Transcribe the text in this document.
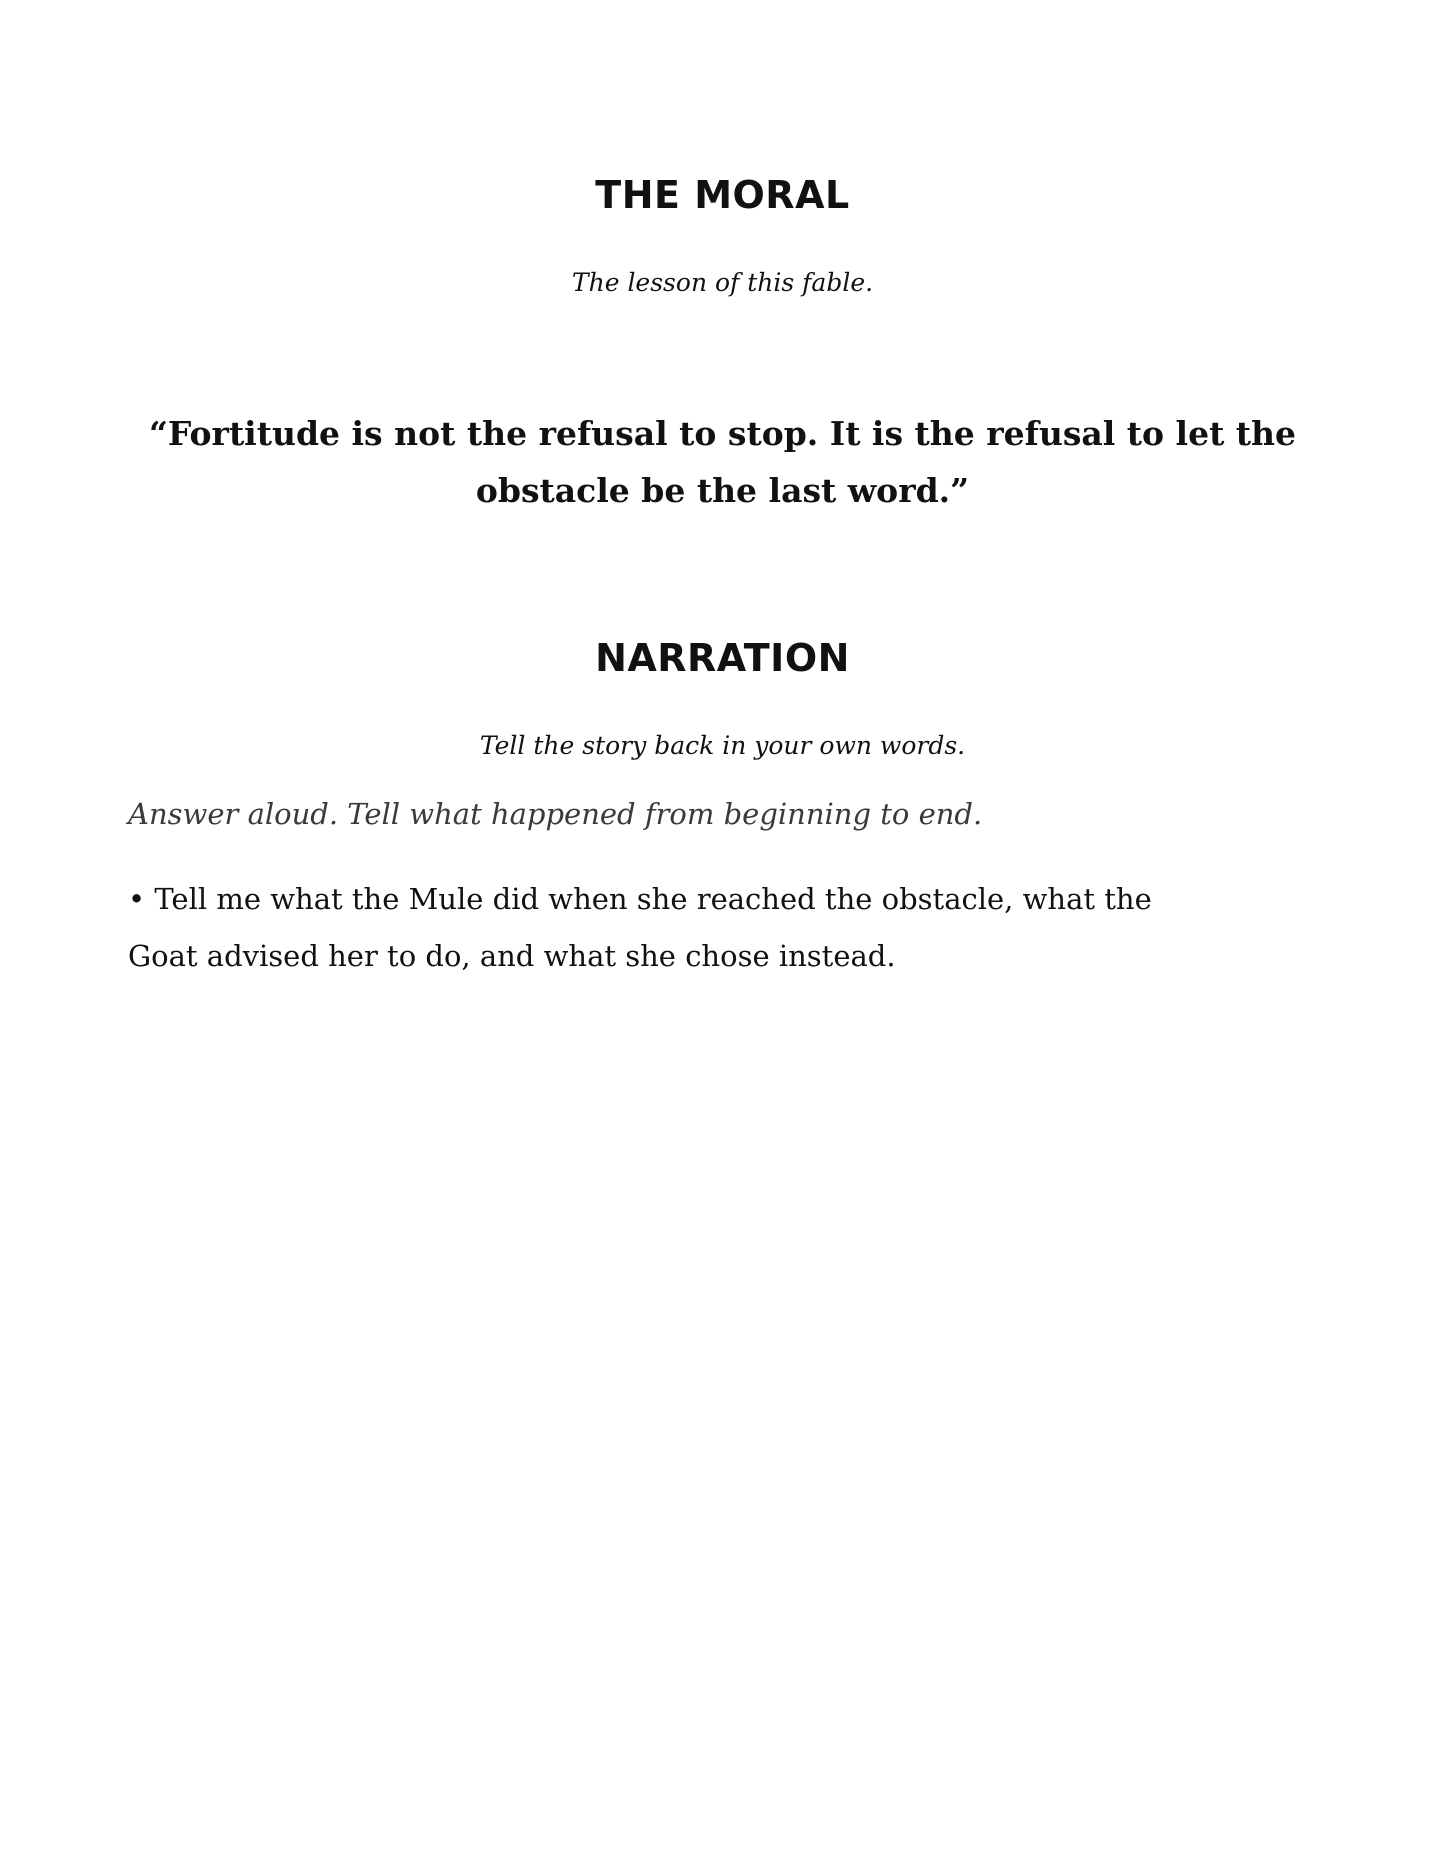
THE MORAL

The lesson of this fable.

“Fortitude is not the refusal to stop. It is the refusal to let the obstacle be the last word.”

NARRATION

Tell the story back in your own words.

Answer aloud. Tell what happened from beginning to end.

• Tell me what the Mule did when she reached the obstacle, what the Goat advised her to do, and what she chose instead.
